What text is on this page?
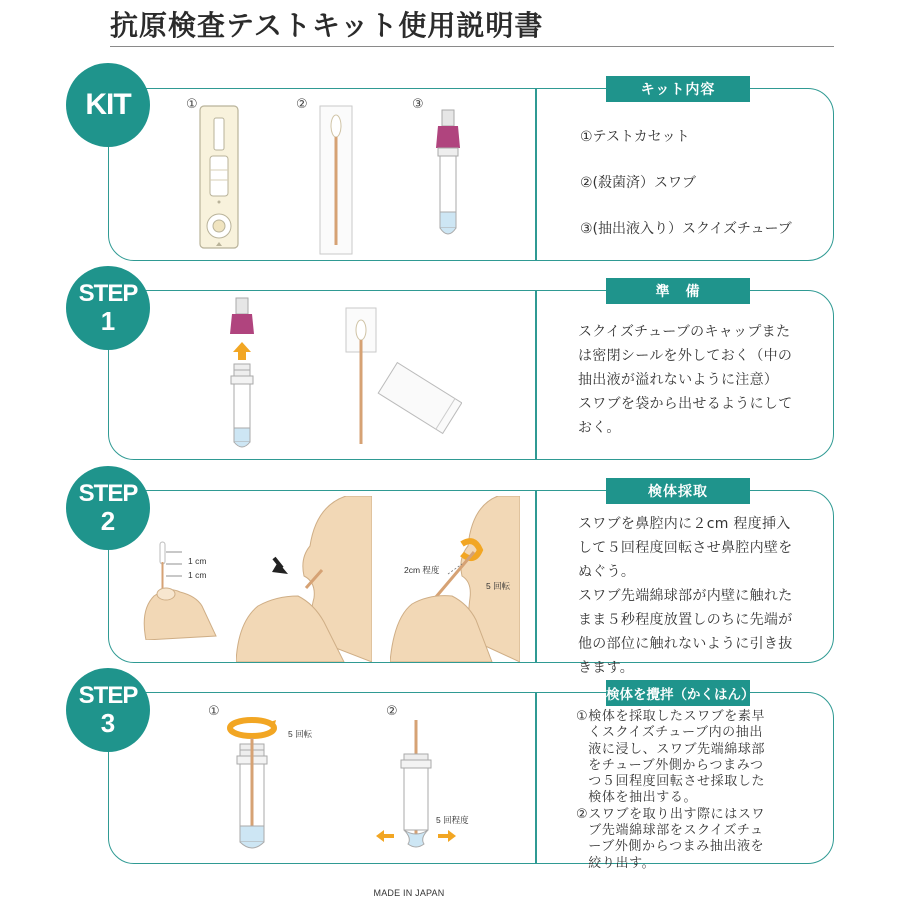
抗原検査テストキット使用説明書
KIT	キット内容
①	②	③
①テストカセット
②(殺菌済）スワブ
③(抽出液入り）スクイズチューブ
STEP
1
準　備
スクイズチューブのキャップまた
は密閉シールを外しておく（中の
抽出液が溢れないように注意）
スワブを袋から出せるようにして
おく。
STEP
2
検体採取
1 cm
1 cm	2cm 程度
5 回転
スワブを鼻腔内に２cm 程度挿入
して５回程度回転させ鼻腔内壁を
ぬぐう。
スワブ先端綿球部が内壁に触れた
まま５秒程度放置しのちに先端が
他の部位に触れないように引き抜
きます。
STEP
3
検体を攪拌（かくはん）
①	②
5 回転
5 回程度
① 検体を採取したスワブを素早
くスクイズチューブ内の抽出
液に浸し、スワブ先端綿球部
をチューブ外側からつまみつ
つ５回程度回転させ採取した
検体を抽出する。
② スワブを取り出す際にはスワ
ブ先端綿球部をスクイズチュ
ーブ外側からつまみ抽出液を
絞り出す。
MADE IN JAPAN
